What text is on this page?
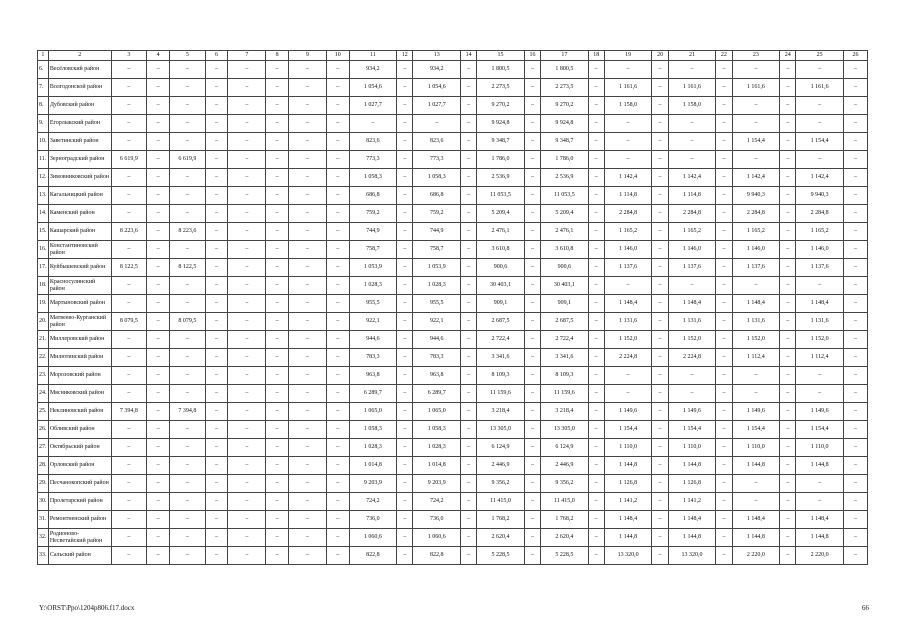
1	2	3	4	5	6	7	8	9	10	11	12	13	14	15	16	17	18	19	20	21	22	23	24	25	26
6.	Весёловский район	–	–	–	–	–	–	–	–	934,2	–	934,2	–	1 800,5	–	1 800,5	–	–	–	–	–	–	–	–	–
7.	Волгодонской район	–	–	–	–	–	–	–	–	1 054,6	–	1 054,6	–	2 273,5	–	2 273,5	–	1 161,6	–	1 161,6	–	1 161,6	–	1 161,6	–
8.	Дубовский район	–	–	–	–	–	–	–	–	1 027,7	–	1 027,7	–	9 270,2	–	9 270,2	–	1 158,0	–	1 158,0	–	–	–	–	–
9.	Егорлыкский район	–	–	–	–	–	–	–	–	–	–	–	–	9 924,8	–	9 924,8	–	–	–	–	–	–	–	–	–
10.	Заветинский район	–	–	–	–	–	–	–	–	823,6	–	823,6	–	9 348,7	–	9 348,7	–	–	–	–	–	1 154,4	–	1 154,4	–
11.	Зерноградский район	6 619,9	–	6 619,9	–	–	–	–	–	773,3	–	773,3	–	1 786,0	–	1 786,0	–	–	–	–	–	–	–	–	–
12.	Зимовниковский район	–	–	–	–	–	–	–	–	1 058,3	–	1 058,3	–	2 536,9	–	2 536,9	–	1 142,4	–	1 142,4	–	1 142,4	–	1 142,4	–
13.	Кагальницкий район	–	–	–	–	–	–	–	–	686,8	–	686,8	–	11 053,5	–	11 053,5	–	1 114,8	–	1 114,8	–	9 940,3	–	9 940,3	–
14.	Каменский район	–	–	–	–	–	–	–	–	759,2	–	759,2	–	5 209,4	–	5 209,4	–	2 284,8	–	2 284,8	–	2 284,8	–	2 284,8	–
15.	Кашарский район	8 223,6	–	8 223,6	–	–	–	–	–	744,9	–	744,9	–	2 476,1	–	2 476,1	–	1 165,2	–	1 165,2	–	1 165,2	–	1 165,2	–
16.	Константиновский район	–	–	–	–	–	–	–	–	758,7	–	758,7	–	3 610,8	–	3 610,8	–	1 146,0	–	1 146,0	–	1 146,0	–	1 146,0	–
17.	Куйбышевский район	8 122,5	–	8 122,5	–	–	–	–	–	1 053,9	–	1 053,9	–	900,6	–	900,6	–	1 137,6	–	1 137,6	–	1 137,6	–	1 137,6	–
18.	Красносулинский район	–	–	–	–	–	–	–	–	1 028,3	–	1 028,3	–	30 403,1	–	30 403,1	–	–	–	–	–	–	–	–	–
19.	Мартыновский район	–	–	–	–	–	–	–	–	955,5	–	955,5	–	909,1	–	909,1	–	1 148,4	–	1 148,4	–	1 148,4	–	1 148,4	–
20.	Матвеево-Курганский район	8 079,5	–	8 079,5	–	–	–	–	–	922,1	–	922,1	–	2 687,5	–	2 687,5	–	1 131,6	–	1 131,6	–	1 131,6	–	1 131,6	–
21.	Миллеровский район	–	–	–	–	–	–	–	–	944,6	–	944,6	–	2 722,4	–	2 722,4	–	1 152,0	–	1 152,0	–	1 152,0	–	1 152,0	–
22.	Милютинский район	–	–	–	–	–	–	–	–	783,3	–	783,3	–	3 341,6	–	3 341,6	–	2 224,8	–	2 224,8	–	1 112,4	–	1 112,4	–
23.	Морозовский район	–	–	–	–	–	–	–	–	963,8	–	963,8	–	8 109,3	–	8 109,3	–	–	–	–	–	–	–	–	–
24.	Мясниковский район	–	–	–	–	–	–	–	–	6 289,7	–	6 289,7	–	11 159,6	–	11 159,6	–	–	–	–	–	–	–	–	–
25.	Неклиновский район	7 394,8	–	7 394,8	–	–	–	–	–	1 065,0	–	1 065,0	–	3 218,4	–	3 218,4	–	1 149,6	–	1 149,6	–	1 149,6	–	1 149,6	–
26.	Обливский район	–	–	–	–	–	–	–	–	1 058,3	–	1 058,3	–	13 305,0	–	13 305,0	–	1 154,4	–	1 154,4	–	1 154,4	–	1 154,4	–
27.	Октябрьский район	–	–	–	–	–	–	–	–	1 028,3	–	1 028,3	–	6 124,9	–	6 124,9	–	1 110,0	–	1 110,0	–	1 110,0	–	1 110,0	–
28.	Орловский район	–	–	–	–	–	–	–	–	1 014,8	–	1 014,8	–	2 446,9	–	2 446,9	–	1 144,8	–	1 144,8	–	1 144,8	–	1 144,8	–
29.	Песчанокопский район	–	–	–	–	–	–	–	–	9 203,9	–	9 203,9	–	9 356,2	–	9 356,2	–	1 126,8	–	1 126,8	–	–	–	–	–
30.	Пролетарский район	–	–	–	–	–	–	–	–	724,2	–	724,2	–	11 415,0	–	11 415,0	–	1 141,2	–	1 141,2	–	–	–	–	–
31.	Ремонтненский район	–	–	–	–	–	–	–	–	736,0	–	736,0	–	1 768,2	–	1 768,2	–	1 148,4	–	1 148,4	–	1 148,4	–	1 148,4	–
32.	Родионово-Несветайский район	–	–	–	–	–	–	–	–	1 060,6	–	1 060,6	–	2 620,4	–	2 620,4	–	1 144,8	–	1 144,8	–	1 144,8	–	1 144,8	–
33.	Сальский район	–	–	–	–	–	–	–	–	822,8	–	822,8	–	5 228,5	–	5 228,5	–	13 320,0	–	13 320,0	–	2 220,0	–	2 220,0	–
Y:\ORST\Ppo\1204p806.f17.docx	66
